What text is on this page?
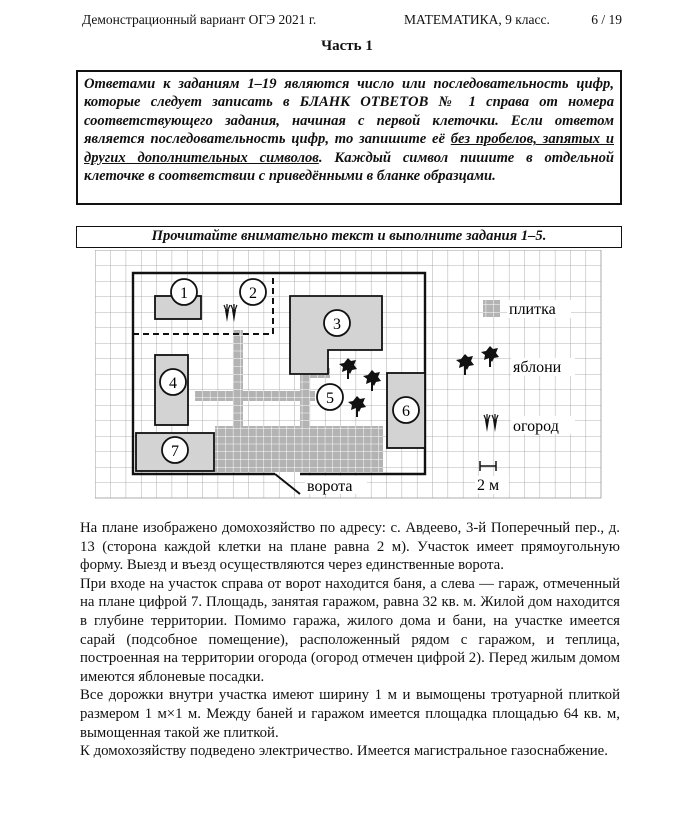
Демонстрационный вариант ОГЭ 2021 г.	МАТЕМАТИКА, 9 класс.	6 / 19
Часть 1
Ответами к заданиям 1–19 являются число или последовательность цифр, которые следует записать в БЛАНК ОТВЕТОВ № 1 справа от номера соответствующего задания, начиная с первой клеточки. Если ответом является последовательность цифр, то запишите её без пробелов, запятых и других дополнительных символов. Каждый символ пишите в отдельной клеточке в соответствии с приведёнными в бланке образцами.
Прочитайте внимательно текст и выполните задания 1–5.
1	2
3
4
5
6
7
ворота
плитка
яблони
огород
2 м

На плане изображено домохозяйство по адресу: с. Авдеево, 3-й Поперечный пер., д. 13 (сторона каждой клетки на плане равна 2 м). Участок имеет прямоугольную форму. Выезд и въезд осуществляются через единственные ворота.

При входе на участок справа от ворот находится баня, а слева — гараж, отмеченный на плане цифрой 7. Площадь, занятая гаражом, равна 32 кв. м. Жилой дом находится в глубине территории. Помимо гаража, жилого дома и бани, на участке имеется сарай (подсобное помещение), расположенный рядом с гаражом, и теплица, построенная на территории огорода (огород отмечен цифрой 2). Перед жилым домом имеются яблоневые посадки.

Все дорожки внутри участка имеют ширину 1 м и вымощены тротуарной плиткой размером 1 м×1 м. Между баней и гаражом имеется площадка площадью 64 кв. м, вымощенная такой же плиткой.

К домохозяйству подведено электричество. Имеется магистральное газоснабжение.
